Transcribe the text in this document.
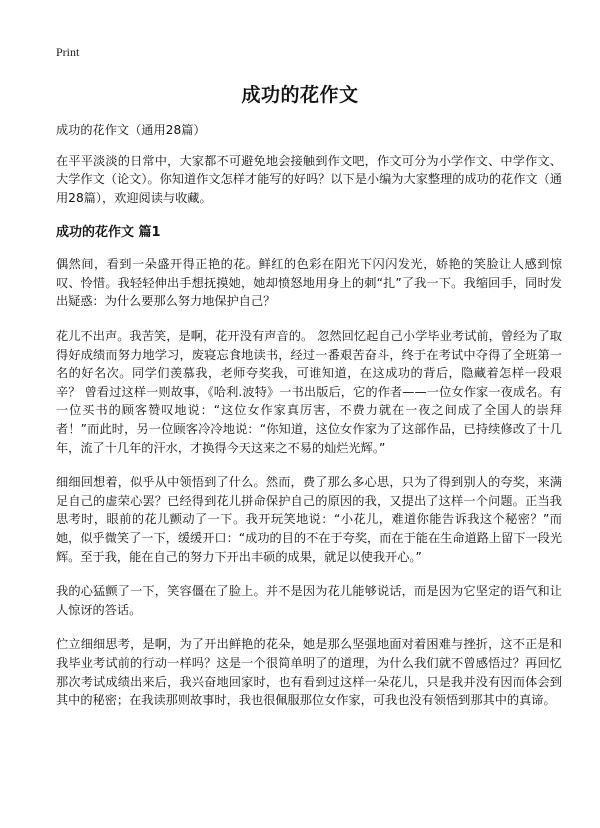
Print
成功的花作文

成功的花作文（通用28篇）

在平平淡淡的日常中，大家都不可避免地会接触到作文吧，作文可分为小学作文、中学作文、大学作文（论文）。你知道作文怎样才能写的好吗？以下是小编为大家整理的成功的花作文（通用28篇），欢迎阅读与收藏。

成功的花作文 篇1

偶然间，看到一朵盛开得正艳的花。鲜红的色彩在阳光下闪闪发光，娇艳的笑脸让人感到惊叹、怜惜。我轻轻伸出手想抚摸她，她却愤怒地用身上的刺“扎”了我一下。我缩回手，同时发出疑惑：为什么要那么努力地保护自己？

花儿不出声。我苦笑，是啊，花开没有声音的。 忽然回忆起自己小学毕业考试前，曾经为了取得好成绩而努力地学习，废寝忘食地读书，经过一番艰苦奋斗，终于在考试中夺得了全班第一名的好名次。同学们羡慕我，老师夸奖我，可谁知道，在这成功的背后，隐藏着怎样一段艰辛？ 曾看过这样一则故事，《哈利.波特》一书出版后，它的作者——一位女作家一夜成名。有一位买书的顾客赞叹地说：“这位女作家真厉害，不费力就在一夜之间成了全国人的崇拜者！”而此时，另一位顾客冷冷地说：“你知道，这位女作家为了这部作品，已持续修改了十几年，流了十几年的汗水，才换得今天这来之不易的灿烂光辉。”

细细回想着，似乎从中领悟到了什么。然而，费了那么多心思，只为了得到别人的夸奖，来满足自己的虚荣心罢？已经得到花儿拼命保护自己的原因的我，又提出了这样一个问题。正当我思考时，眼前的花儿颤动了一下。我开玩笑地说：“小花儿，难道你能告诉我这个秘密？”而她，似乎微笑了一下，缓缓开口：“成功的目的不在于夸奖，而在于能在生命道路上留下一段光辉。至于我，能在自己的努力下开出丰硕的成果，就足以使我开心。”

我的心猛颤了一下，笑容僵在了脸上。并不是因为花儿能够说话，而是因为它坚定的语气和让人惊讶的答话。

伫立细细思考，是啊，为了开出鲜艳的花朵，她是那么坚强地面对着困难与挫折，这不正是和我毕业考试前的行动一样吗？这是一个很简单明了的道理，为什么我们就不曾感悟过？再回忆那次考试成绩出来后，我兴奋地回家时，也有看到过这样一朵花儿，只是我并没有因而体会到其中的秘密；在我读那则故事时，我也很佩服那位女作家，可我也没有领悟到那其中的真谛。
